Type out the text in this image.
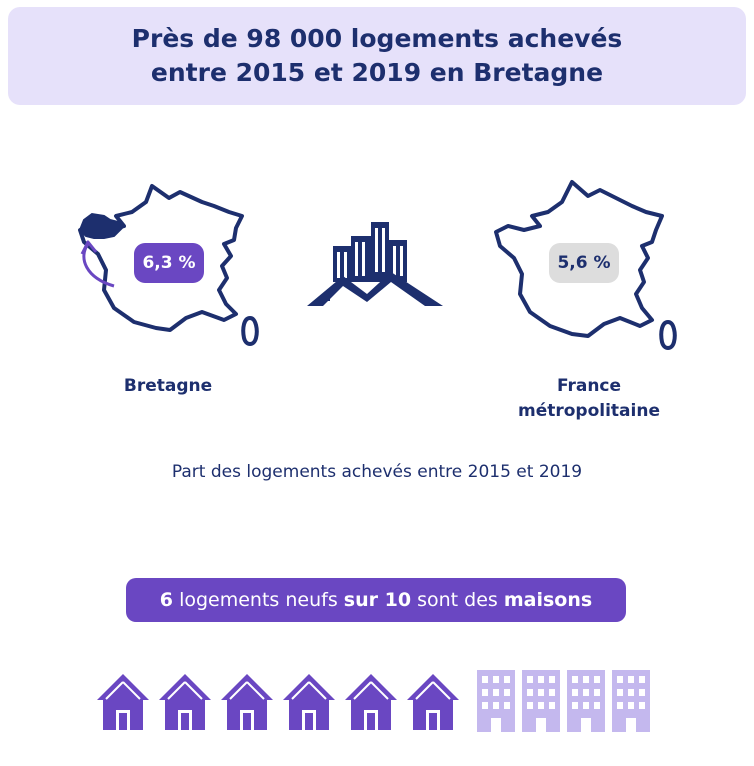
Près de 98 000 logements achevés
entre 2015 et 2019 en Bretagne
6,3 %	5,6 %
Bretagne	France
métropolitaine
Part des logements achevés entre 2015 et 2019
6
logements neufs
sur 10
sont des
maisons
